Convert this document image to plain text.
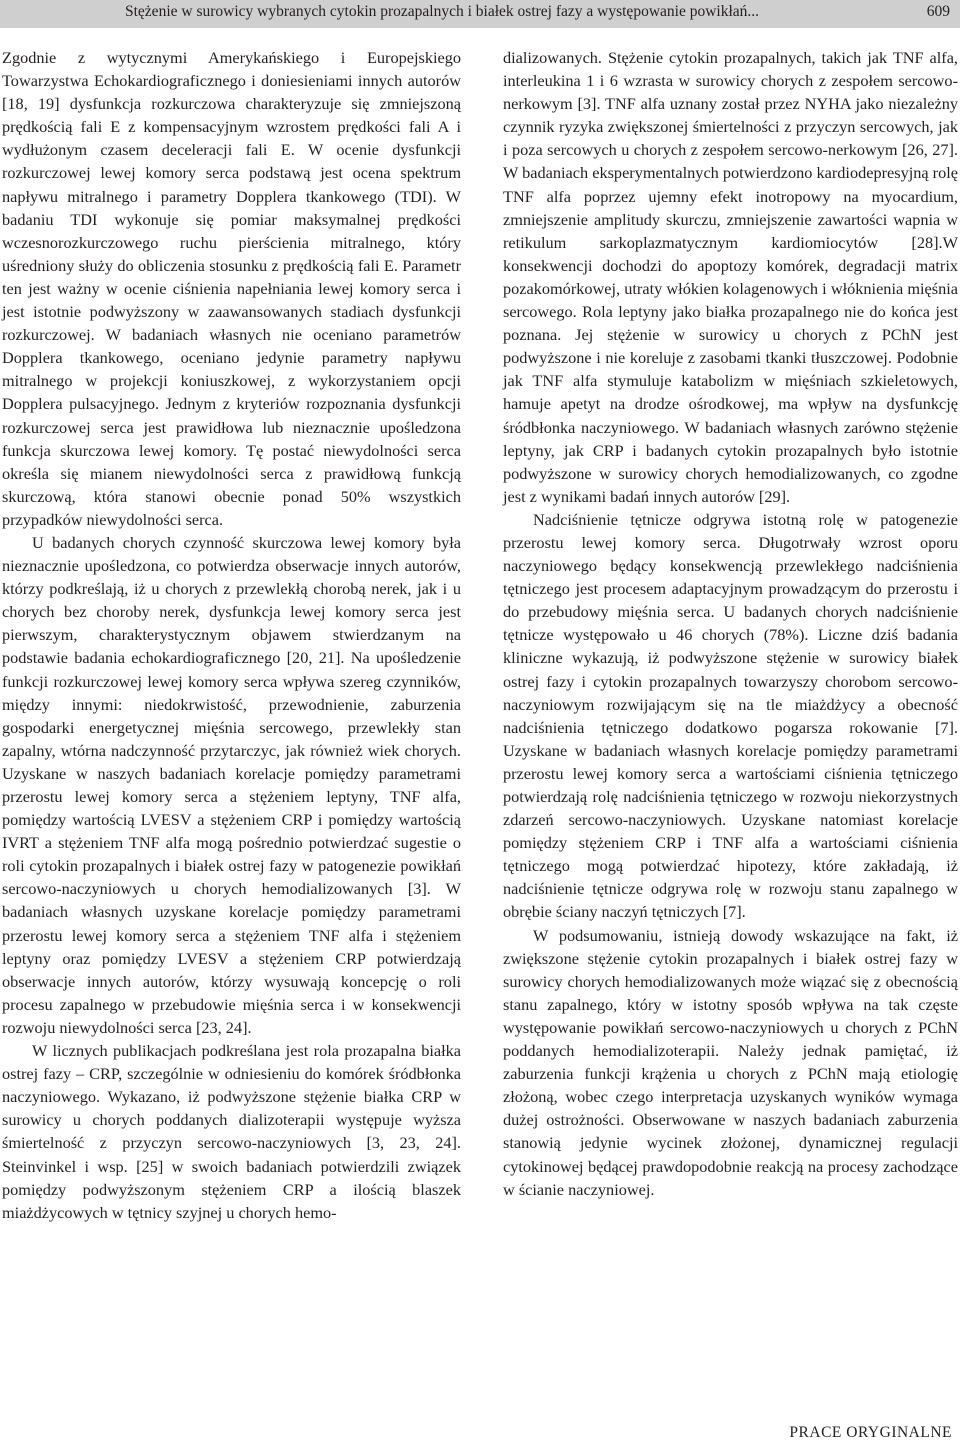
Stężenie w surowicy wybranych cytokin prozapalnych i białek ostrej fazy a występowanie powikłań...	609

Zgodnie z wytycznymi Amerykańskiego i Europejskiego Towarzystwa Echokardiograficznego i doniesieniami innych autorów [18, 19] dysfunkcja rozkurczowa charakteryzuje się zmniejszoną prędkością fali E z kompensacyjnym wzrostem prędkości fali A i wydłużonym czasem deceleracji fali E. W ocenie dysfunkcji rozkurczowej lewej komory serca podstawą jest ocena spektrum napływu mitralnego i parametry Dopplera tkankowego (TDI). W badaniu TDI wykonuje się pomiar maksymalnej prędkości wczesnorozkurczowego ruchu pierścienia mitralnego, który uśredniony służy do obliczenia stosunku z prędkością fali E. Parametr ten jest ważny w ocenie ciśnienia napełniania lewej komory serca i jest istotnie podwyższony w zaawansowanych stadiach dysfunkcji rozkurczowej. W badaniach własnych nie oceniano parametrów Dopplera tkankowego, oceniano jedynie parametry napływu mitralnego w projekcji koniuszkowej, z wykorzystaniem opcji Dopplera pulsacyjnego. Jednym z kryteriów rozpoznania dysfunkcji rozkurczowej serca jest prawidłowa lub nieznacznie upośledzona funkcja skurczowa lewej komory. Tę postać niewydolności serca określa się mianem niewydolności serca z prawidłową funkcją skurczową, która stanowi obecnie ponad 50% wszystkich przypadków niewydolności serca.

U badanych chorych czynność skurczowa lewej komory była nieznacznie upośledzona, co potwierdza obserwacje innych autorów, którzy podkreślają, iż u chorych z przewlekłą chorobą nerek, jak i u chorych bez choroby nerek, dysfunkcja lewej komory serca jest pierwszym, charakterystycznym objawem stwierdzanym na podstawie badania echokardiograficznego [20, 21]. Na upośledzenie funkcji rozkurczowej lewej komory serca wpływa szereg czynników, między innymi: niedokrwistość, przewodnienie, zaburzenia gospodarki energetycznej mięśnia sercowego, przewlekły stan zapalny, wtórna nadczynność przytarczyc, jak również wiek chorych. Uzyskane w naszych badaniach korelacje pomiędzy parametrami przerostu lewej komory serca a stężeniem leptyny, TNF alfa, pomiędzy wartością LVESV a stężeniem CRP i pomiędzy wartością IVRT a stężeniem TNF alfa mogą pośrednio potwierdzać sugestie o roli cytokin prozapalnych i białek ostrej fazy w patogenezie powikłań sercowo-naczyniowych u chorych hemodializowanych [3]. W badaniach własnych uzyskane korelacje pomiędzy parametrami przerostu lewej komory serca a stężeniem TNF alfa i stężeniem leptyny oraz pomiędzy LVESV a stężeniem CRP potwierdzają obserwacje innych autorów, którzy wysuwają koncepcję o roli procesu zapalnego w przebudowie mięśnia serca i w konsekwencji rozwoju niewydolności serca [23, 24].

W licznych publikacjach podkreślana jest rola prozapalna białka ostrej fazy – CRP, szczególnie w odniesieniu do komórek śródbłonka naczyniowego. Wykazano, iż podwyższone stężenie białka CRP w surowicy u chorych poddanych dializoterapii występuje wyższa śmiertelność z przyczyn sercowo-naczyniowych [3, 23, 24]. Steinvinkel i wsp. [25] w swoich badaniach potwierdzili związek pomiędzy podwyższonym stężeniem CRP a ilością blaszek miażdżycowych w tętnicy szyjnej u chorych hemo-

dializowanych. Stężenie cytokin prozapalnych, takich jak TNF alfa, interleukina 1 i 6 wzrasta w surowicy chorych z zespołem sercowo-nerkowym [3]. TNF alfa uznany został przez NYHA jako niezależny czynnik ryzyka zwiększonej śmiertelności z przyczyn sercowych, jak i poza sercowych u chorych z zespołem sercowo-nerkowym [26, 27]. W badaniach eksperymentalnych potwierdzono kardiodepresyjną rolę TNF alfa poprzez ujemny efekt inotropowy na myocardium, zmniejszenie amplitudy skurczu, zmniejszenie zawartości wapnia w retikulum sarkoplazmatycznym kardiomiocytów [28].W konsekwencji dochodzi do apoptozy komórek, degradacji matrix pozakomórkowej, utraty włókien kolagenowych i włóknienia mięśnia sercowego. Rola leptyny jako białka prozapalnego nie do końca jest poznana. Jej stężenie w surowicy u chorych z PChN jest podwyższone i nie koreluje z zasobami tkanki tłuszczowej. Podobnie jak TNF alfa stymuluje katabolizm w mięśniach szkieletowych, hamuje apetyt na drodze ośrodkowej, ma wpływ na dysfunkcję śródbłonka naczyniowego. W badaniach własnych zarówno stężenie leptyny, jak CRP i badanych cytokin prozapalnych było istotnie podwyższone w surowicy chorych hemodializowanych, co zgodne jest z wynikami badań innych autorów [29].

Nadciśnienie tętnicze odgrywa istotną rolę w patogenezie przerostu lewej komory serca. Długotrwały wzrost oporu naczyniowego będący konsekwencją przewlekłego nadciśnienia tętniczego jest procesem adaptacyjnym prowadzącym do przerostu i do przebudowy mięśnia serca. U badanych chorych nadciśnienie tętnicze występowało u 46 chorych (78%). Liczne dziś badania kliniczne wykazują, iż podwyższone stężenie w surowicy białek ostrej fazy i cytokin prozapalnych towarzyszy chorobom sercowo-naczyniowym rozwijającym się na tle miażdżycy a obecność nadciśnienia tętniczego dodatkowo pogarsza rokowanie [7]. Uzyskane w badaniach własnych korelacje pomiędzy parametrami przerostu lewej komory serca a wartościami ciśnienia tętniczego potwierdzają rolę nadciśnienia tętniczego w rozwoju niekorzystnych zdarzeń sercowo-naczyniowych. Uzyskane natomiast korelacje pomiędzy stężeniem CRP i TNF alfa a wartościami ciśnienia tętniczego mogą potwierdzać hipotezy, które zakładają, iż nadciśnienie tętnicze odgrywa rolę w rozwoju stanu zapalnego w obrębie ściany naczyń tętniczych [7].

W podsumowaniu, istnieją dowody wskazujące na fakt, iż zwiększone stężenie cytokin prozapalnych i białek ostrej fazy w surowicy chorych hemodializowanych może wiązać się z obecnością stanu zapalnego, który w istotny sposób wpływa na tak częste występowanie powikłań sercowo-naczyniowych u chorych z PChN poddanych hemodializoterapii. Należy jednak pamiętać, iż zaburzenia funkcji krążenia u chorych z PChN mają etiologię złożoną, wobec czego interpretacja uzyskanych wyników wymaga dużej ostrożności. Obserwowane w naszych badaniach zaburzenia stanowią jedynie wycinek złożonej, dynamicznej regulacji cytokinowej będącej prawdopodobnie reakcją na procesy zachodzące w ścianie naczyniowej.

PRACE ORYGINALNE
